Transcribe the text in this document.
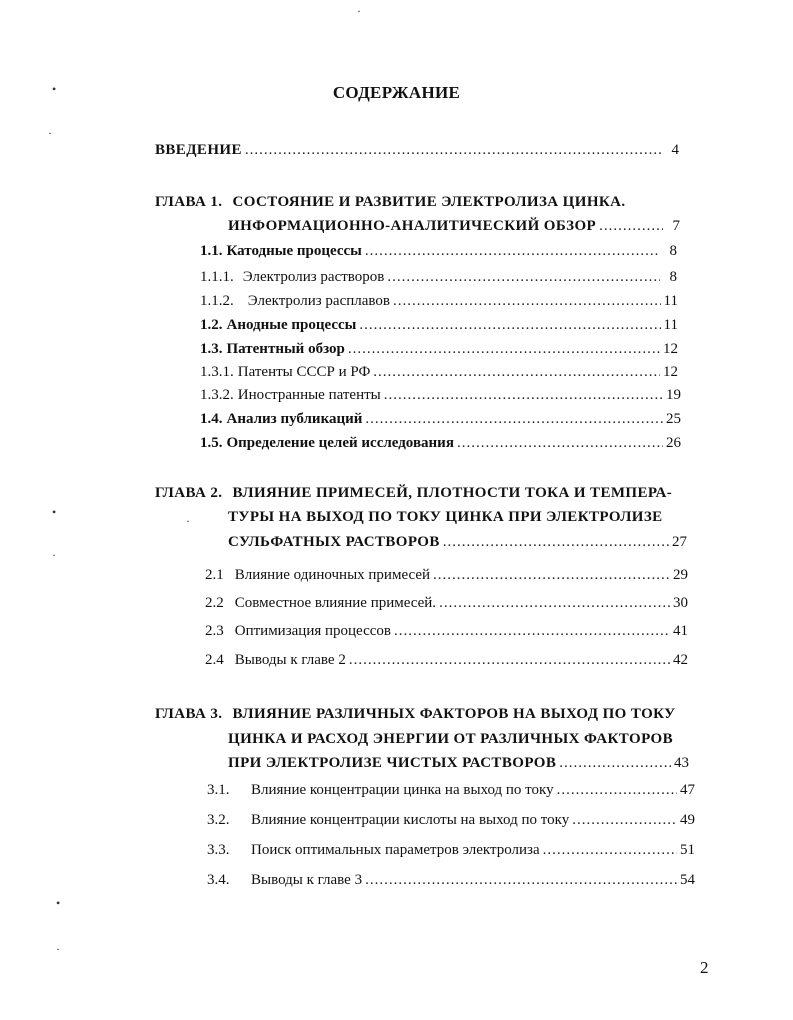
·
•
·
•
·
·
•
·
СОДЕРЖАНИЕ
ВВЕДЕНИЕ .....	4
ГЛАВА 1. СОСТОЯНИЕ И РАЗВИТИЕ ЭЛЕКТРОЛИЗА ЦИНКА.
ИНФОРМАЦИОННО-АНАЛИТИЧЕСКИЙ ОБЗОР .....	7
1.1. Катодные процессы .....	8
1.1.1. Электролиз растворов .....	8
1.1.2. Электролиз расплавов .....	11
1.2. Анодные процессы .....	11
1.3. Патентный обзор .....	12
1.3.1. Патенты СССР и РФ .....	12
1.3.2. Иностранные патенты .....	19
1.4. Анализ публикаций .....	25
1.5. Определение целей исследования .....	26
ГЛАВА 2. ВЛИЯНИЕ ПРИМЕСЕЙ, ПЛОТНОСТИ ТОКА И ТЕМПЕРА-
ТУРЫ НА ВЫХОД ПО ТОКУ ЦИНКА ПРИ ЭЛЕКТРОЛИЗЕ
СУЛЬФАТНЫХ РАСТВОРОВ .....	27
2.1 Влияние одиночных примесей .....	29
2.2 Совместное влияние примесей. .....	30
2.3 Оптимизация процессов .....	41
2.4 Выводы к главе 2 .....	42
ГЛАВА 3. ВЛИЯНИЕ РАЗЛИЧНЫХ ФАКТОРОВ НА ВЫХОД ПО ТОКУ
ЦИНКА И РАСХОД ЭНЕРГИИ ОТ РАЗЛИЧНЫХ ФАКТОРОВ
ПРИ ЭЛЕКТРОЛИЗЕ ЧИСТЫХ РАСТВОРОВ .....	43
3.1.	Влияние концентрации цинка на выход по току .....	47
3.2.	Влияние концентрации кислоты на выход по току .....	49
3.3.	Поиск оптимальных параметров электролиза .....	51
3.4.	Выводы к главе 3 .....	54
2
